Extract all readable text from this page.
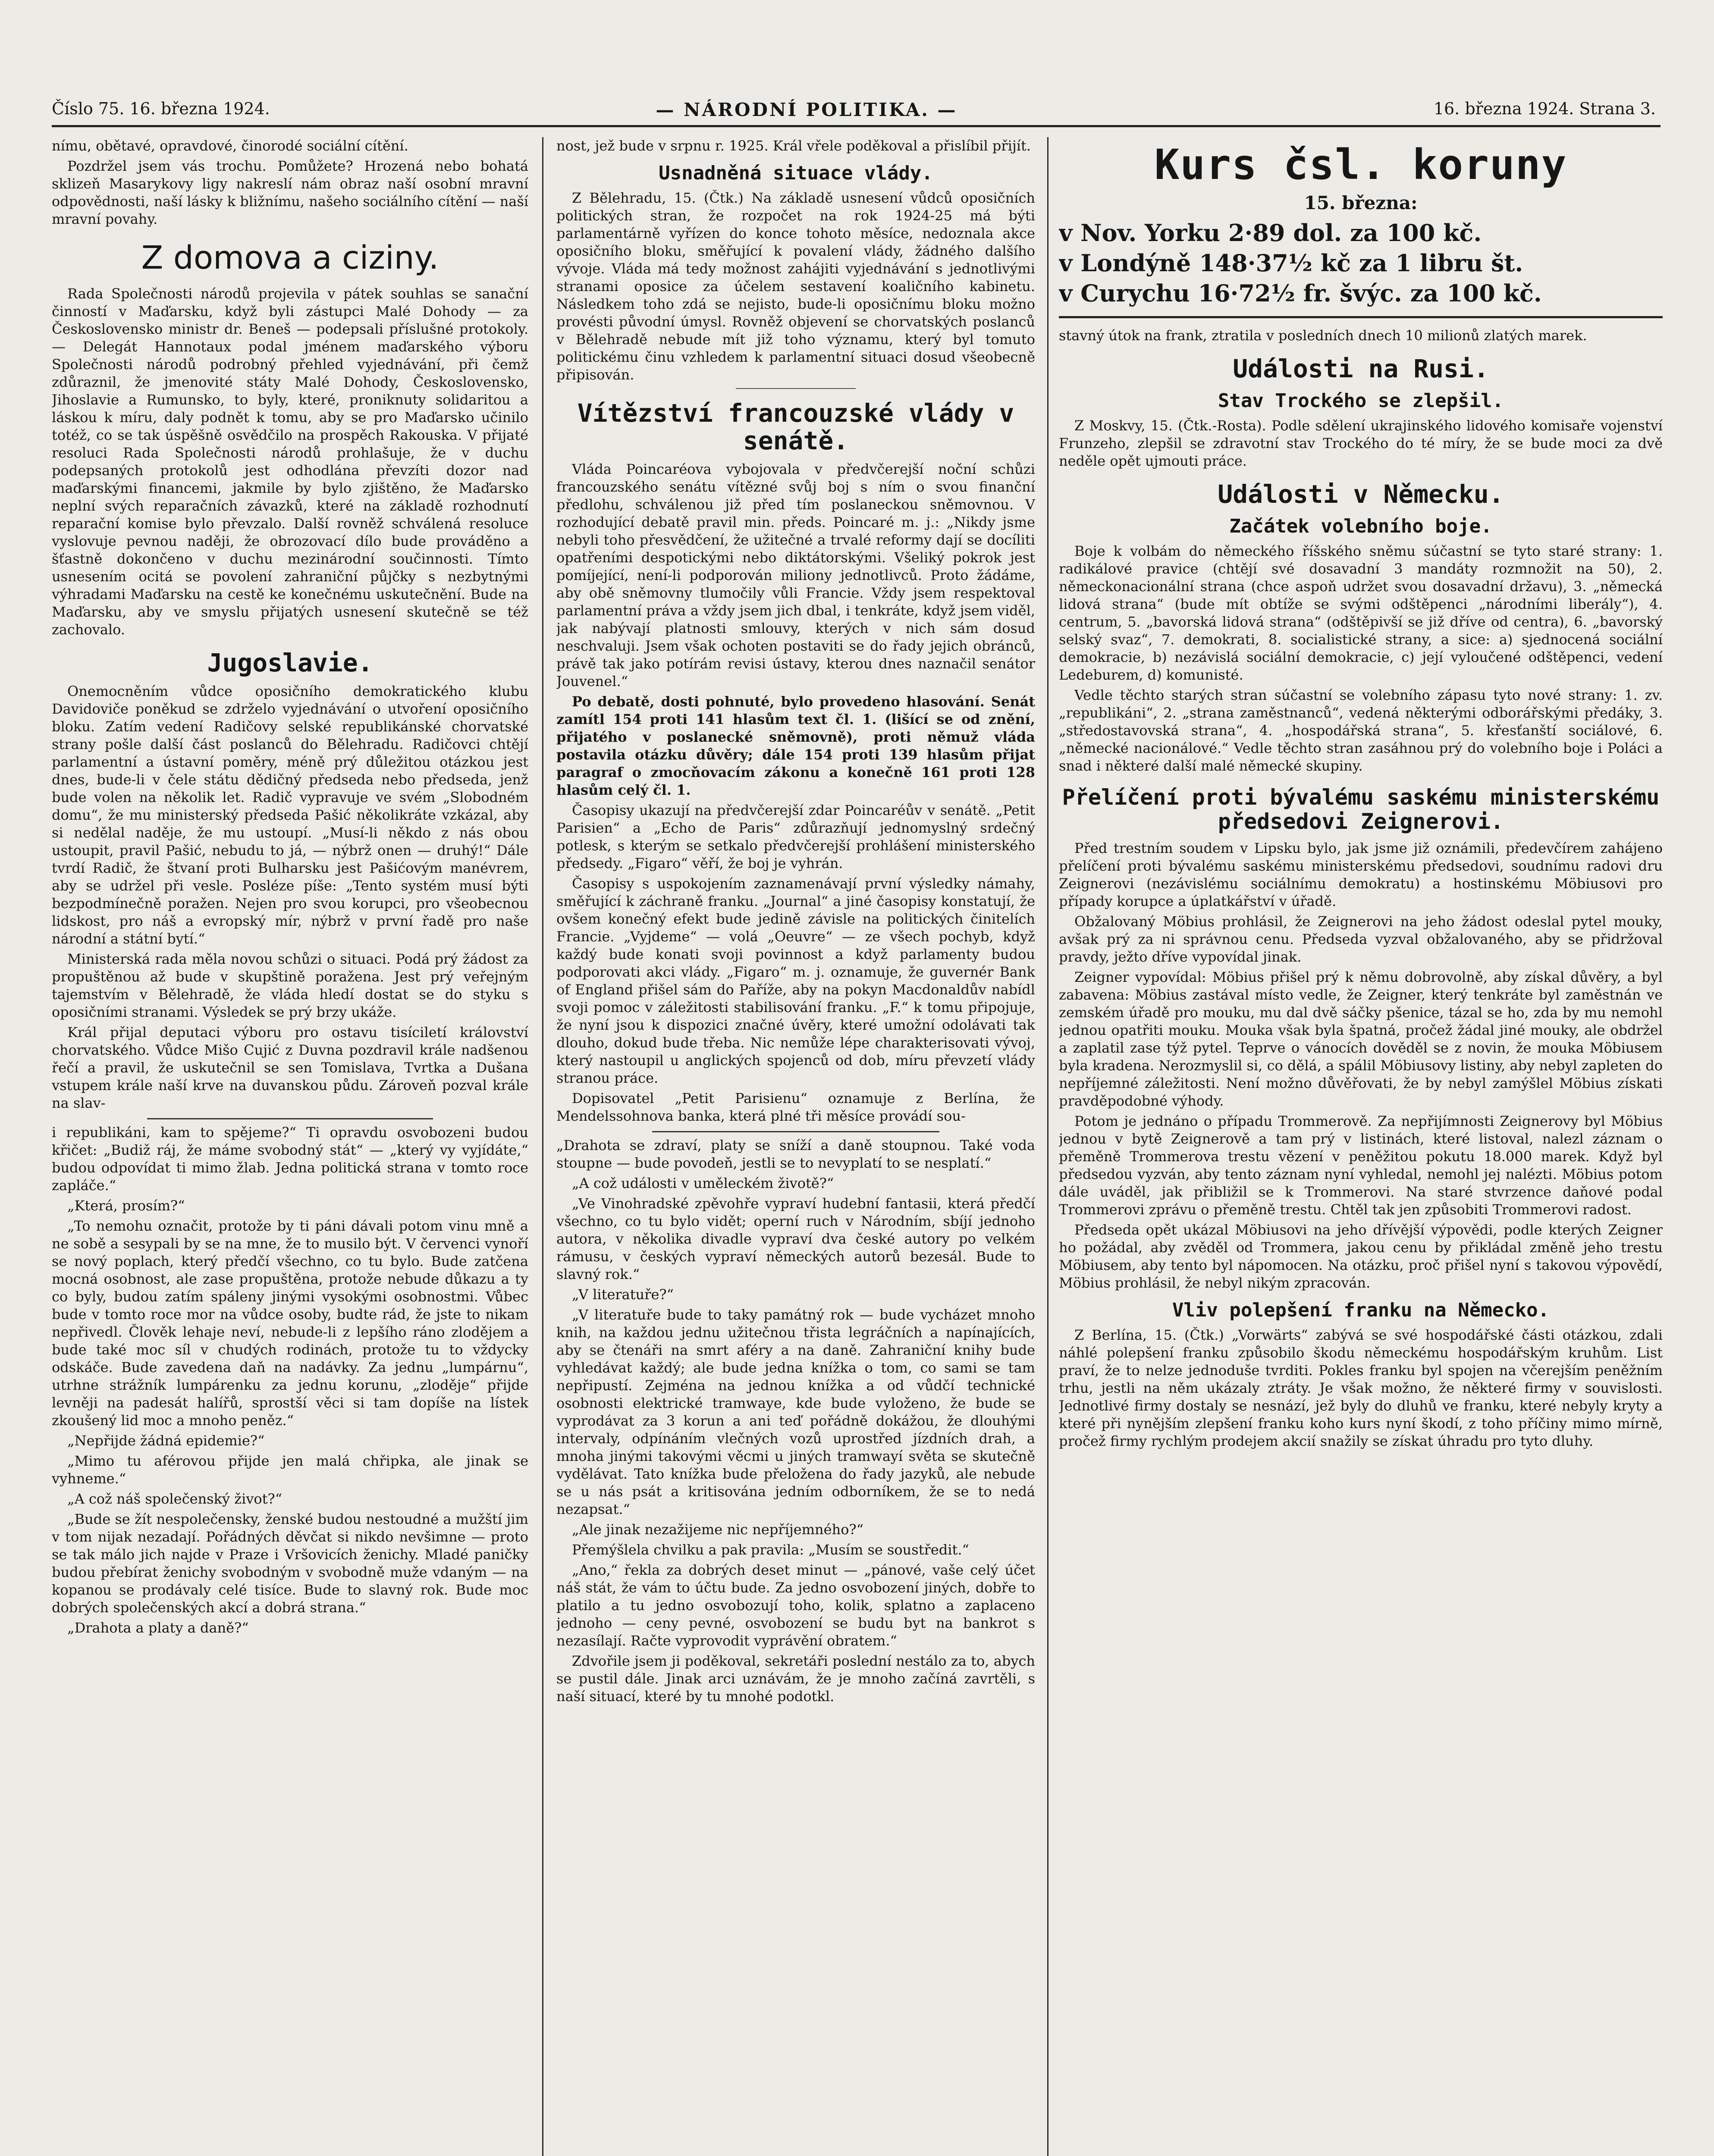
Číslo 75. 16. března 1924.	— NÁRODNÍ POLITIKA. —	16. března 1924. Strana 3.

nímu, obětavé, opravdové, činorodé sociální cítění.

Pozdržel jsem vás trochu. Pomůžete? Hrozená nebo bohatá sklizeň Masarykovy ligy nakreslí nám obraz naší osobní mravní odpovědnosti, naší lásky k bližnímu, našeho sociálního cítění — naší mravní povahy.

Z domova a ciziny.

Rada Společnosti národů projevila v pátek souhlas se sanační činností v Maďarsku, když byli zástupci Malé Dohody — za Československo ministr dr. Beneš — podepsali příslušné protokoly. — Delegát Hannotaux podal jménem maďarského výboru Společnosti národů podrobný přehled vyjednávání, při čemž zdůraznil, že jmenovité státy Malé Dohody, Československo, Jihoslavie a Rumunsko, to byly, které, proniknuty solidaritou a láskou k míru, daly podnět k tomu, aby se pro Maďarsko učinilo totéž, co se tak úspěšně osvědčilo na prospěch Rakouska. V přijaté resoluci Rada Společnosti národů prohlašuje, že v duchu podepsaných protokolů jest odhodlána převzíti dozor nad maďarskými financemi, jakmile by bylo zjištěno, že Maďarsko neplní svých reparačních závazků, které na základě rozhodnutí reparační komise bylo převzalo. Další rovněž schválená resoluce vyslovuje pevnou naději, že obrozovací dílo bude prováděno a šťastně dokončeno v duchu mezinárodní součinnosti. Tímto usnesením ocitá se povolení zahraniční půjčky s nezbytnými výhradami Maďarsku na cestě ke konečnému uskutečnění. Bude na Maďarsku, aby ve smyslu přijatých usnesení skutečně se též zachovalo.

Jugoslavie.

Onemocněním vůdce oposičního demokratického klubu Davidoviče poněkud se zdrželo vyjednávání o utvoření oposičního bloku. Zatím vedení Radičovy selské republikánské chorvatské strany pošle další část poslanců do Bělehradu. Radičovci chtějí parlamentní a ústavní poměry, méně prý důležitou otázkou jest dnes, bude-li v čele státu dědičný předseda nebo předseda, jenž bude volen na několik let. Radič vypravuje ve svém „Slobodném domu“, že mu ministerský předseda Pašić několikráte vzkázal, aby si nedělal naděje, že mu ustoupí. „Musí-li někdo z nás obou ustoupit, pravil Pašić, nebudu to já, — nýbrž onen — druhý!“ Dále tvrdí Radič, že štvaní proti Bulharsku jest Pašićovým manévrem, aby se udržel při vesle. Posléze píše: „Tento systém musí býti bezpodmínečně poražen. Nejen pro svou korupci, pro všeobecnou lidskost, pro náš a evropský mír, nýbrž v první řadě pro naše národní a státní bytí.“

Ministerská rada měla novou schůzi o situaci. Podá prý žádost za propuštěnou až bude v skupštině poražena. Jest prý veřejným tajemstvím v Bělehradě, že vláda hledí dostat se do styku s oposičními stranami. Výsledek se prý brzy ukáže.

Král přijal deputaci výboru pro ostavu tisíciletí království chorvatského. Vůdce Mišo Cujić z Duvna pozdravil krále nadšenou řečí a pravil, že uskutečnil se sen Tomislava, Tvrtka a Dušana vstupem krále naší krve na duvanskou půdu. Zároveň pozval krále na slav-

i republikáni, kam to spějeme?“ Ti opravdu osvobozeni budou křičet: „Budiž ráj, že máme svobodný stát“ — „který vy vyjídáte,“ budou odpovídat ti mimo žlab. Jedna politická strana v tomto roce zapláče.“

„Která, prosím?“

„To nemohu označit, protože by ti páni dávali potom vinu mně a ne sobě a sesypali by se na mne, že to musilo být. V červenci vynoří se nový poplach, který předčí všechno, co tu bylo. Bude zatčena mocná osobnost, ale zase propuštěna, protože nebude důkazu a ty co byly, budou zatím spáleny jinými vysokými osobnostmi. Vůbec bude v tomto roce mor na vůdce osoby, budte rád, že jste to nikam nepřivedl. Člověk lehaje neví, nebude-li z lepšího ráno zlodějem a bude také moc síl v chudých rodinách, protože tu to vždycky odskáče. Bude zavedena daň na nadávky. Za jednu „lumpárnu“, utrhne strážník lumpárenku za jednu korunu, „zloděje“ přijde levněji na padesát halířů, sprostší věci si tam dopíše na lístek zkoušený lid moc a mnoho peněz.“

„Nepřijde žádná epidemie?“

„Mimo tu aférovou přijde jen malá chřipka, ale jinak se vyhneme.“

„A což náš společenský život?“

„Bude se žít nespolečensky, ženské budou nestoudné a mužští jim v tom nijak nezadají. Pořádných děvčat si nikdo nevšimne — proto se tak málo jich najde v Praze i Vršovicích ženichy. Mladé paničky budou přebírat ženichy svobodným v svobodně muže vdaným — na kopanou se prodávaly celé tisíce. Bude to slavný rok. Bude moc dobrých společenských akcí a dobrá strana.“

„Drahota a platy a daně?“

nost, jež bude v srpnu r. 1925. Král vřele poděkoval a přislíbil přijít.

Usnadněná situace vlády.

Z Bělehradu, 15. (Čtk.) Na základě usnesení vůdců oposičních politických stran, že rozpočet na rok 1924-25 má býti parlamentárně vyřízen do konce tohoto měsíce, nedoznala akce oposičního bloku, směřující k povalení vlády, žádného dalšího vývoje. Vláda má tedy možnost zahájiti vyjednávání s jednotlivými stranami oposice za účelem sestavení koaličního kabinetu. Následkem toho zdá se nejisto, bude-li oposičnímu bloku možno provésti původní úmysl. Rovněž objevení se chorvatských poslanců v Bělehradě nebude mít již toho významu, který byl tomuto politickému činu vzhledem k parlamentní situaci dosud všeobecně připisován.

Vítězství francouzské vlády v senátě.

Vláda Poincaréova vybojovala v předvčerejší noční schůzi francouzského senátu vítězné svůj boj s ním o svou finanční předlohu, schválenou již před tím poslaneckou sněmovnou. V rozhodující debatě pravil min. předs. Poincaré m. j.: „Nikdy jsme nebyli toho přesvědčení, že užitečné a trvalé reformy dají se docíliti opatřeními despotickými nebo diktátorskými. Všeliký pokrok jest pomíjející, není-li podporován miliony jednotlivců. Proto žádáme, aby obě sněmovny tlumočily vůli Francie. Vždy jsem respektoval parlamentní práva a vždy jsem jich dbal, i tenkráte, když jsem viděl, jak nabývají platnosti smlouvy, kterých v nich sám dosud neschvaluji. Jsem však ochoten postaviti se do řady jejich obránců, právě tak jako potírám revisi ústavy, kterou dnes naznačil senátor Jouvenel.“

Po debatě, dosti pohnuté, bylo provedeno hlasování. Senát zamítl 154 proti 141 hlasům text čl. 1. (lišící se od znění, přijatého v poslanecké sněmovně), proti němuž vláda postavila otázku důvěry; dále 154 proti 139 hlasům přijat paragraf o zmocňovacím zákonu a konečně 161 proti 128 hlasům celý čl. 1.

Časopisy ukazují na předvčerejší zdar Poincaréův v senátě. „Petit Parisien“ a „Echo de Paris“ zdůrazňují jednomyslný srdečný potlesk, s kterým se setkalo předvčerejší prohlášení ministerského předsedy. „Figaro“ věří, že boj je vyhrán.

Časopisy s uspokojením zaznamenávají první výsledky námahy, směřující k záchraně franku. „Journal“ a jiné časopisy konstatují, že ovšem konečný efekt bude jedině závisle na politických činitelích Francie. „Vyjdeme“ — volá „Oeuvre“ — ze všech pochyb, když každý bude konati svoji povinnost a když parlamenty budou podporovati akci vlády. „Figaro“ m. j. oznamuje, že guvernér Bank of England přišel sám do Paříže, aby na pokyn Macdonaldův nabídl svoji pomoc v záležitosti stabilisování franku. „F.“ k tomu připojuje, že nyní jsou k dispozici značné úvěry, které umožní odolávati tak dlouho, dokud bude třeba. Nic nemůže lépe charakterisovati vývoj, který nastoupil u anglických spojenců od dob, míru převzetí vlády stranou práce.

Dopisovatel „Petit Parisienu“ oznamuje z Berlína, že Mendelssohnova banka, která plné tři měsíce provádí sou-

„Drahota se zdraví, platy se sníží a daně stoupnou. Také voda stoupne — bude povodeň, jestli se to nevyplatí to se nesplatí.“

„A což události v uměleckém životě?“

„Ve Vinohradské zpěvohře vypraví hudební fantasii, která předčí všechno, co tu bylo vidět; operní ruch v Národním, sbíjí jednoho autora, v několika divadle vypraví dva české autory po velkém rámusu, v českých vypraví německých autorů bezesál. Bude to slavný rok.“

„V literatuře?“

„V literatuře bude to taky památný rok — bude vycházet mnoho knih, na každou jednu užitečnou třista legráčních a napínajících, aby se čtenáři na smrt aféry a na daně. Zahraniční knihy bude vyhledávat každý; ale bude jedna knížka o tom, co sami se tam nepřipustí. Zejména na jednou knížka a od vůdčí technické osobnosti elektrické tramwaye, kde bude vyloženo, že bude se vyprodávat za 3 korun a ani teď pořádně dokážou, že dlouhými intervaly, odpínáním vlečných vozů uprostřed jízdních drah, a mnoha jinými takovými věcmi u jiných tramwayí světa se skutečně vydělávat. Tato knížka bude přeložena do řady jazyků, ale nebude se u nás psát a kritisována jedním odborníkem, že se to nedá nezapsat.“

„Ale jinak nezažijeme nic nepříjemného?“

Přemýšlela chvilku a pak pravila: „Musím se soustředit.“

„Ano,“ řekla za dobrých deset minut — „pánové, vaše celý účet náš stát, že vám to účtu bude. Za jedno osvobození jiných, dobře to platilo a tu jedno osvobozují toho, kolik, splatno a zaplaceno jednoho — ceny pevné, osvobození se budu byt na bankrot s nezasílají. Račte vyprovodit vyprávění obratem.“

Zdvořile jsem ji poděkoval, sekretáři poslední nestálo za to, abych se pustil dále. Jinak arci uznávám, že je mnoho začíná zavrtěli, s naší situací, které by tu mnohé podotkl.

Kurs čsl. koruny
15. března:
v Nov. Yorku 2·89 dol. za 100 kč.
v Londýně 148·37½ kč za 1 libru št.
v Curychu 16·72½ fr. švýc. za 100 kč.

stavný útok na frank, ztratila v posledních dnech 10 milionů zlatých marek.

Události na Rusi.
Stav Trockého se zlepšil.

Z Moskvy, 15. (Čtk.-Rosta). Podle sdělení ukrajinského lidového komisaře vojenství Frunzeho, zlepšil se zdravotní stav Trockého do té míry, že se bude moci za dvě neděle opět ujmouti práce.

Události v Německu.
Začátek volebního boje.

Boje k volbám do německého říšského sněmu súčastní se tyto staré strany: 1. radikálové pravice (chtějí své dosavadní 3 mandáty rozmnožit na 50), 2. německonacionální strana (chce aspoň udržet svou dosavadní državu), 3. „německá lidová strana“ (bude mít obtíže se svými odštěpenci „národními liberály“), 4. centrum, 5. „bavorská lidová strana“ (odštěpivší se již dříve od centra), 6. „bavorský selský svaz“, 7. demokrati, 8. socialistické strany, a sice: a) sjednocená sociální demokracie, b) nezávislá sociální demokracie, c) její vyloučené odštěpenci, vedení Ledeburem, d) komunisté.

Vedle těchto starých stran súčastní se volebního zápasu tyto nové strany: 1. zv. „republikáni“, 2. „strana zaměstnanců“, vedená některými odborářskými předáky, 3. „středostavovská strana“, 4. „hospodářská strana“, 5. křesťanští sociálové, 6. „německé nacionálové.“ Vedle těchto stran zasáhnou prý do volebního boje i Poláci a snad i některé další malé německé skupiny.

Přelíčení proti bývalému saskému ministerskému předsedovi Zeignerovi.

Před trestním soudem v Lipsku bylo, jak jsme již oznámili, předevčírem zahájeno přelíčení proti bývalému saskému ministerskému předsedovi, soudnímu radovi dru Zeignerovi (nezávislému sociálnímu demokratu) a hostinskému Möbiusovi pro případy korupce a úplatkářství v úřadě.

Obžalovaný Möbius prohlásil, že Zeignerovi na jeho žádost odeslal pytel mouky, avšak prý za ni správnou cenu. Předseda vyzval obžalovaného, aby se přidržoval pravdy, ježto dříve vypovídal jinak.

Zeigner vypovídal: Möbius přišel prý k němu dobrovolně, aby získal důvěry, a byl zabavena: Möbius zastával místo vedle, že Zeigner, který tenkráte byl zaměstnán ve zemském úřadě pro mouku, mu dal dvě sáčky pšenice, tázal se ho, zda by mu nemohl jednou opatřiti mouku. Mouka však byla špatná, pročež žádal jiné mouky, ale obdržel a zaplatil zase týž pytel. Teprve o vánocích dověděl se z novin, že mouka Möbiusem byla kradena. Nerozmyslil si, co dělá, a spálil Möbiusovy listiny, aby nebyl zapleten do nepříjemné záležitosti. Není možno důvěřovati, že by nebyl zamýšlel Möbius získati pravděpodobné výhody.

Potom je jednáno o případu Trommerově. Za nepřijímnosti Zeignerovy byl Möbius jednou v bytě Zeignerově a tam prý v listinách, které listoval, nalezl záznam o přeměně Trommerova trestu vězení v peněžitou pokutu 18.000 marek. Když byl předsedou vyzván, aby tento záznam nyní vyhledal, nemohl jej nalézti. Möbius potom dále uváděl, jak přibližil se k Trommerovi. Na staré stvrzence daňové podal Trommerovi zprávu o přeměně trestu. Chtěl tak jen způsobiti Trommerovi radost.

Předseda opět ukázal Möbiusovi na jeho dřívější výpovědi, podle kterých Zeigner ho požádal, aby zvěděl od Trommera, jakou cenu by přikládal změně jeho trestu Möbiusem, aby tento byl nápomocen. Na otázku, proč přišel nyní s takovou výpovědí, Möbius prohlásil, že nebyl nikým zpracován.

Vliv polepšení franku na Německo.

Z Berlína, 15. (Čtk.) „Vorwärts“ zabývá se své hospodářské části otázkou, zdali náhlé polepšení franku způsobilo škodu německému hospodářským kruhům. List praví, že to nelze jednoduše tvrditi. Pokles franku byl spojen na včerejším peněžním trhu, jestli na něm ukázaly ztráty. Je však možno, že některé firmy v souvislosti. Jednotlivé firmy dostaly se nesnází, jež byly do dluhů ve franku, které nebyly kryty a které při nynějším zlepšení franku koho kurs nyní škodí, z toho příčiny mimo mírně, pročež firmy rychlým prodejem akcií snažily se získat úhradu pro tyto dluhy.
